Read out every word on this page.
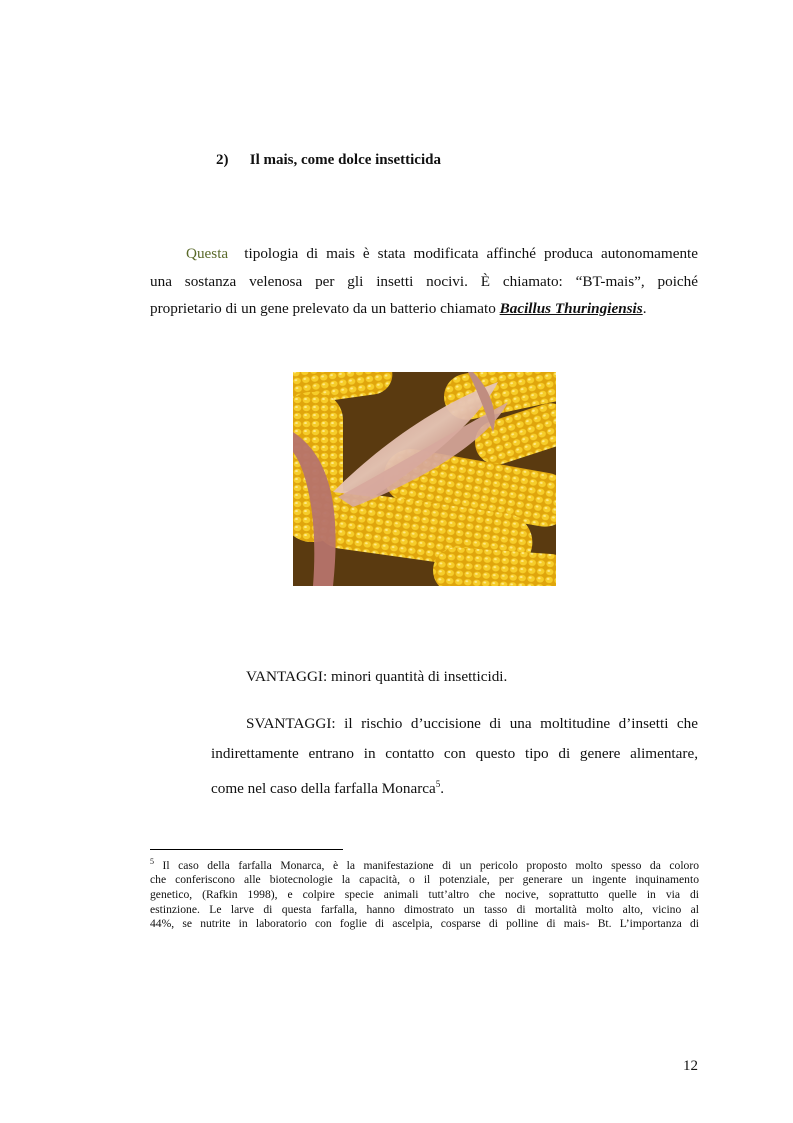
2) Il mais, come dolce insetticida
Questa tipologia di mais è stata modificata affinché produca autonomamente
una sostanza velenosa per gli insetti nocivi. È chiamato: “BT-mais”, poiché
proprietario di un gene prelevato da un batterio chiamato Bacillus Thuringiensis.
VANTAGGI: minori quantità di insetticidi.
SVANTAGGI: il rischio d’uccisione di una moltitudine d’insetti che
indirettamente entrano in contatto con questo tipo di genere alimentare,
come nel caso della farfalla Monarca$^5$.
$^5$ Il caso della farfalla Monarca, è la manifestazione di un pericolo proposto molto spesso da coloro
che conferiscono alle biotecnologie la capacità, o il potenziale, per generare un ingente inquinamento
genetico, (Rafkin 1998), e colpire specie animali tutt’altro che nocive, soprattutto quelle in via di
estinzione. Le larve di questa farfalla, hanno dimostrato un tasso di mortalità molto alto, vicino al
44%, se nutrite in laboratorio con foglie di ascelpia, cosparse di polline di mais- Bt. L’importanza di
12
